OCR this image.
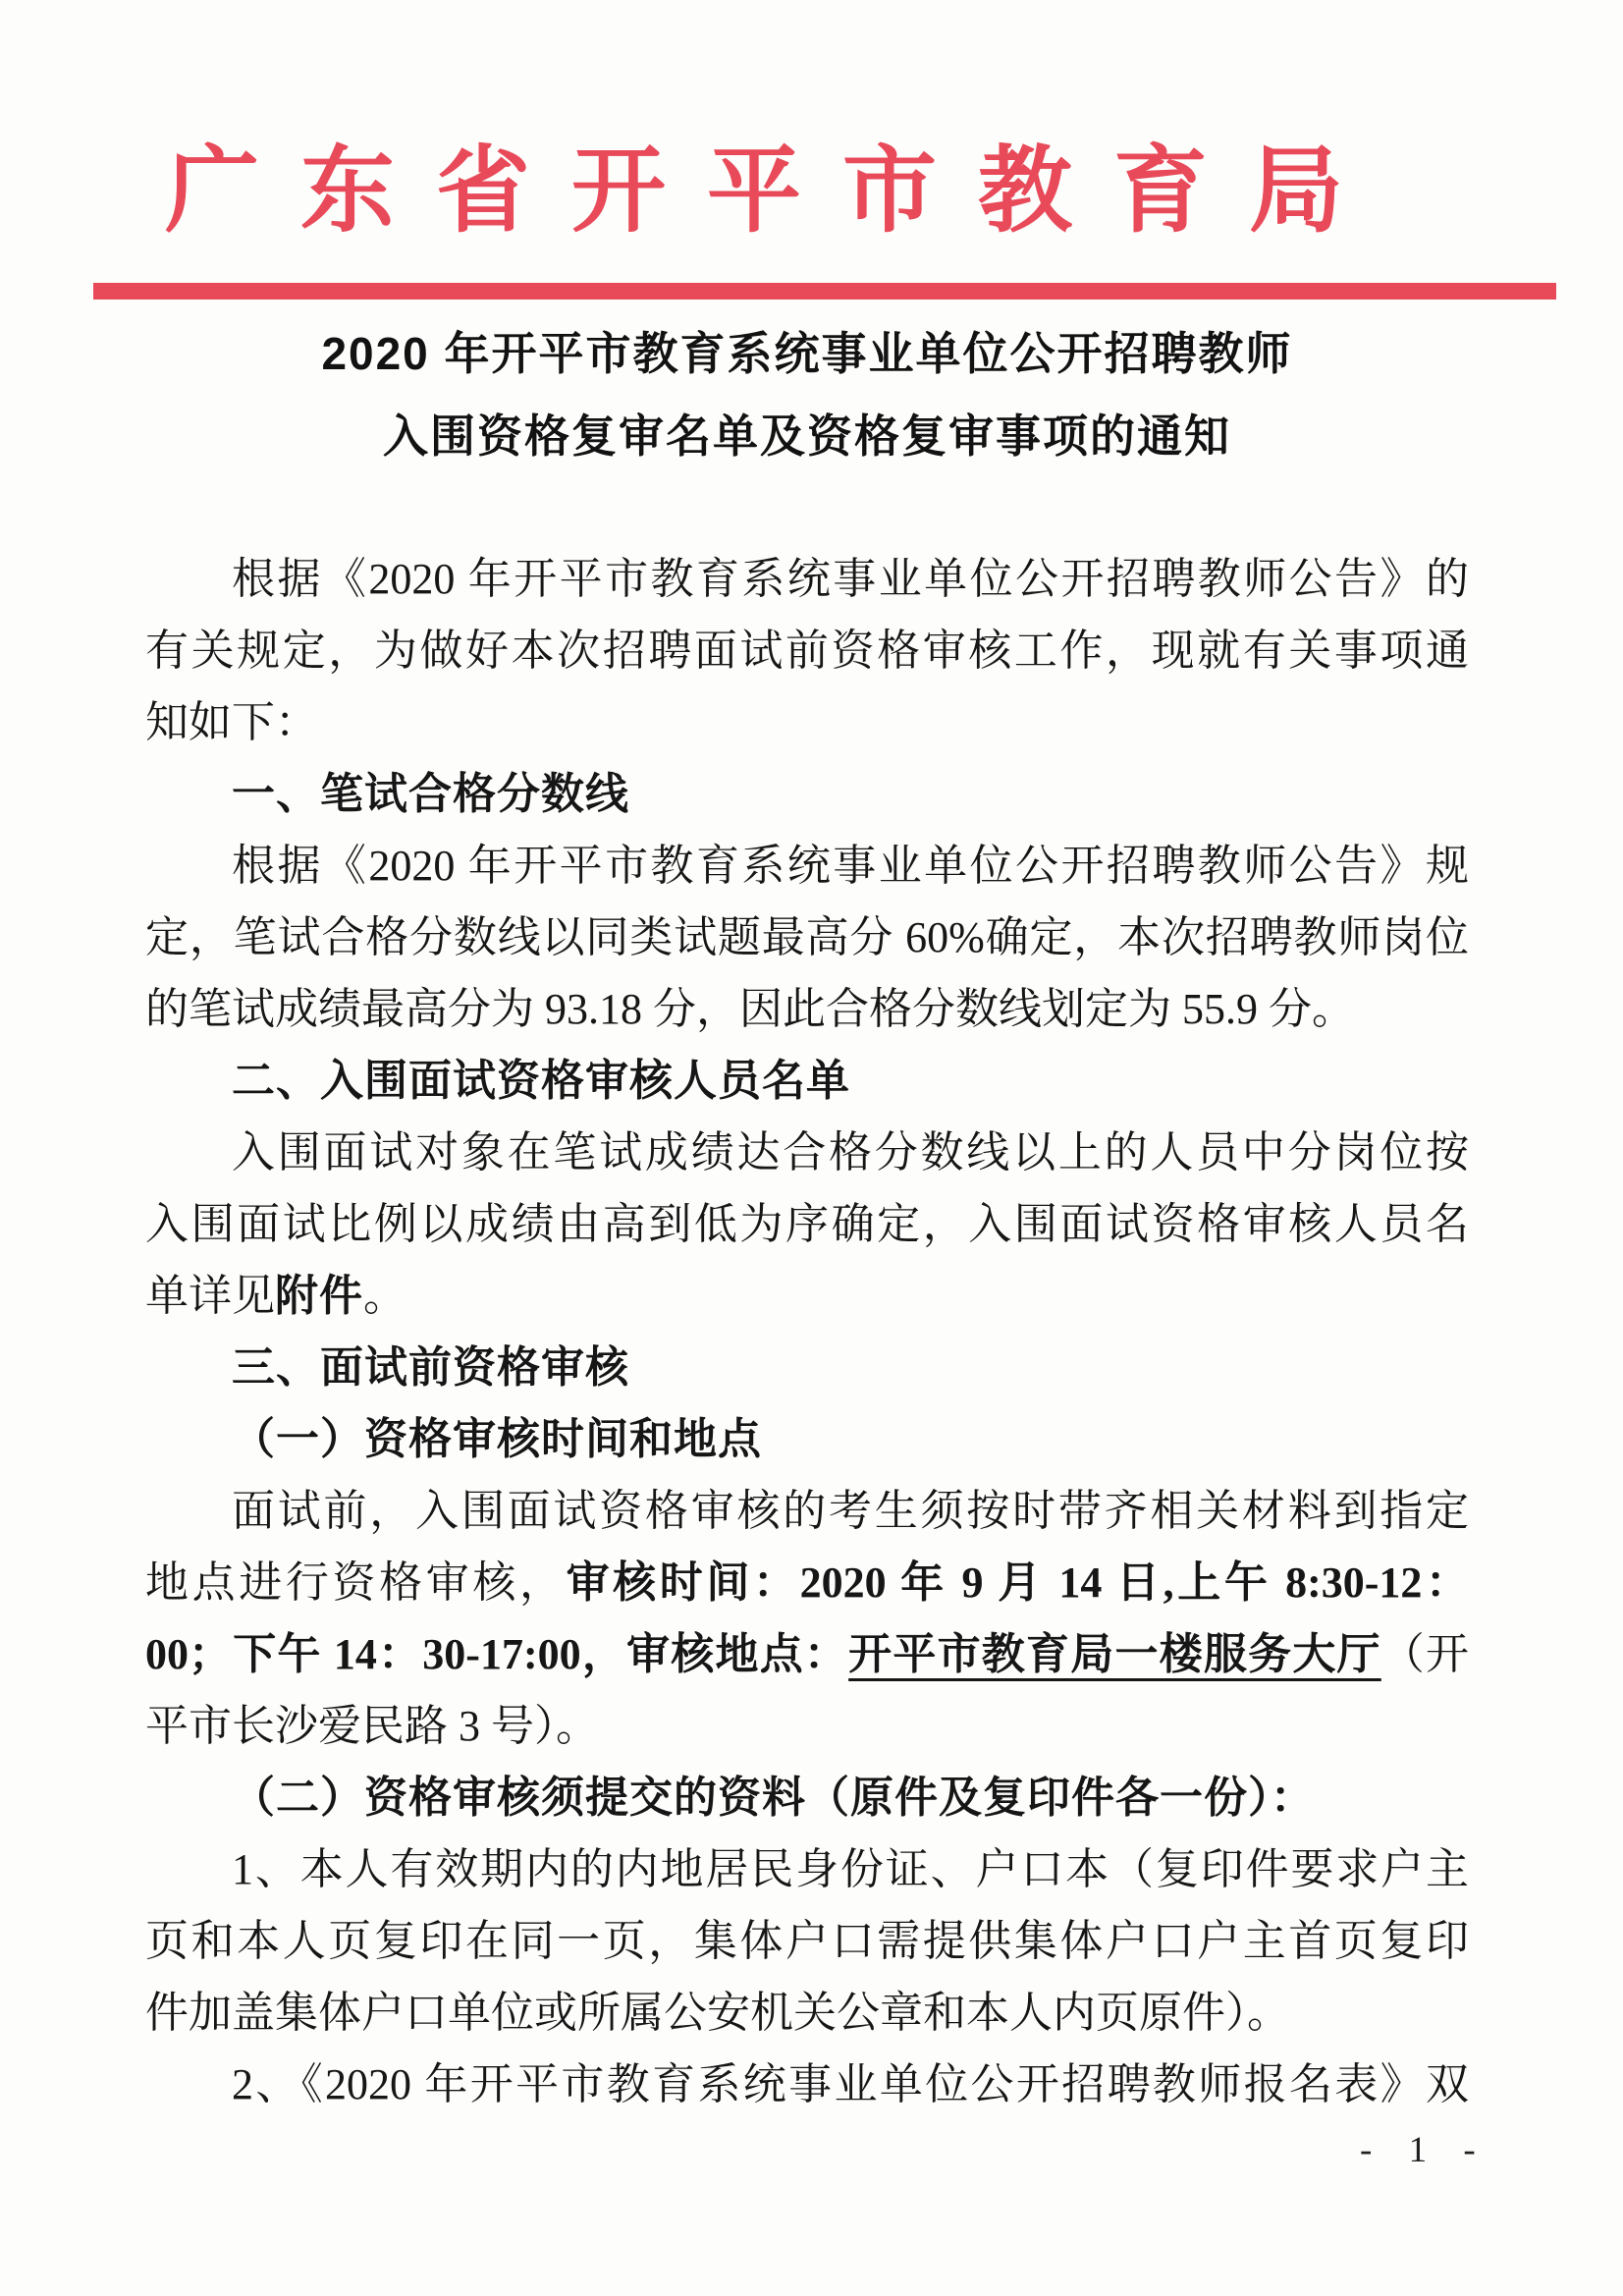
广东省开平市教育局
2020 年开平市教育系统事业单位公开招聘教师
入围资格复审名单及资格复审事项的通知
根据《2020 年开平市教育系统事业单位公开招聘教师公告》的
有关规定，为做好本次招聘面试前资格审核工作，现就有关事项通
知如下：
一、笔试合格分数线
根据《2020 年开平市教育系统事业单位公开招聘教师公告》规
定，笔试合格分数线以同类试题最高分 60%确定，本次招聘教师岗位
的笔试成绩最高分为 93.18 分，因此合格分数线划定为 55.9 分。
二、入围面试资格审核人员名单
入围面试对象在笔试成绩达合格分数线以上的人员中分岗位按
入围面试比例以成绩由高到低为序确定，入围面试资格审核人员名
单详见附件。
三、面试前资格审核
（一）资格审核时间和地点
面试前，入围面试资格审核的考生须按时带齐相关材料到指定
地点进行资格审核，审核时间：2020 年 9 月 14 日,上午 8:30-12：
00；下午 14：30-17:00，审核地点：开平市教育局一楼服务大厅（开
平市长沙爱民路 3 号）。
（二）资格审核须提交的资料（原件及复印件各一份）：
1、本人有效期内的内地居民身份证、户口本（复印件要求户主
页和本人页复印在同一页，集体户口需提供集体户口户主首页复印
件加盖集体户口单位或所属公安机关公章和本人内页原件）。
2、《2020 年开平市教育系统事业单位公开招聘教师报名表》双
- 1 -
